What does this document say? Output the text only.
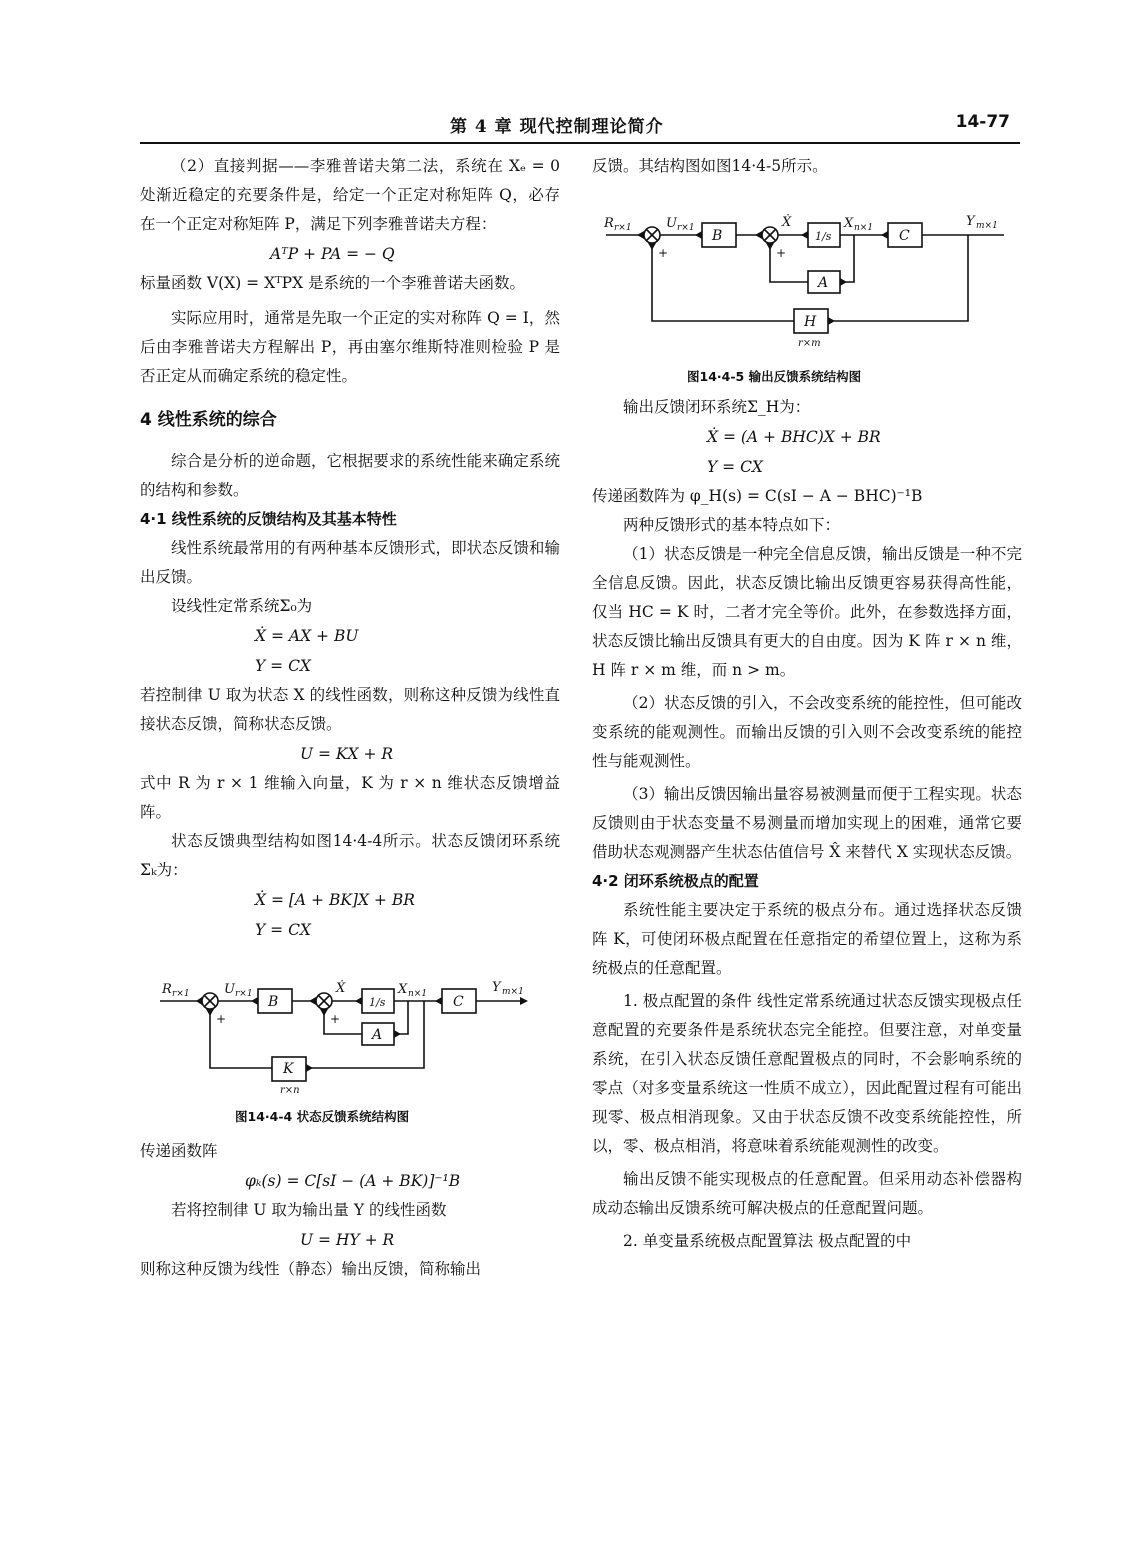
第 4 章 现代控制理论简介	14-77

（2）直接判据——李雅普诺夫第二法，系统在 Xₑ = 0 处渐近稳定的充要条件是，给定一个正定对称矩阵 Q，必存在一个正定对称矩阵 P，满足下列李雅普诺夫方程：

AᵀP + PA = − Q

标量函数 V(X) = XᵀPX 是系统的一个李雅普诺夫函数。

实际应用时，通常是先取一个正定的实对称阵 Q = I，然后由李雅普诺夫方程解出 P，再由塞尔维斯特准则检验 P 是否正定从而确定系统的稳定性。

4 线性系统的综合

综合是分析的逆命题，它根据要求的系统性能来确定系统的结构和参数。

4·1 线性系统的反馈结构及其基本特性

线性系统最常用的有两种基本反馈形式，即状态反馈和输出反馈。

设线性定常系统Σ₀为

Ẋ = AX + BU
Y = CX

若控制律 U 取为状态 X 的线性函数，则称这种反馈为线性直接状态反馈，简称状态反馈。

U = KX + R

式中 R 为 r × 1 维输入向量，K 为 r × n 维状态反馈增益阵。

状态反馈典型结构如图14·4-4所示。状态反馈闭环系统Σₖ为：

Ẋ = [A + BK]X + BR
Y = CX
R r×1	U r×1 B
Ẋ
1/s
X n×1 C
Y m×1
A
K
r×n
+	+
图14·4-4 状态反馈系统结构图

传递函数阵

φₖ(s) = C[sI − (A + BK)]⁻¹B

若将控制律 U 取为输出量 Y 的线性函数

U = HY + R

则称这种反馈为线性（静态）输出反馈，简称输出

反馈。其结构图如图14·4-5所示。

R r×1	U r×1 B
Ẋ
1/s
X n×1 C
Y m×1
A
H
r×m
+	+
图14·4-5 输出反馈系统结构图

输出反馈闭环系统Σ_H为：

Ẋ = (A + BHC)X + BR
Y = CX

传递函数阵为 φ_H(s) = C(sI − A − BHC)⁻¹B

两种反馈形式的基本特点如下：

（1）状态反馈是一种完全信息反馈，输出反馈是一种不完全信息反馈。因此，状态反馈比输出反馈更容易获得高性能，仅当 HC = K 时，二者才完全等价。此外，在参数选择方面，状态反馈比输出反馈具有更大的自由度。因为 K 阵 r × n 维，H 阵 r × m 维，而 n > m。

（2）状态反馈的引入，不会改变系统的能控性，但可能改变系统的能观测性。而输出反馈的引入则不会改变系统的能控性与能观测性。

（3）输出反馈因输出量容易被测量而便于工程实现。状态反馈则由于状态变量不易测量而增加实现上的困难，通常它要借助状态观测器产生状态估值信号 X̂ 来替代 X 实现状态反馈。

4·2 闭环系统极点的配置

系统性能主要决定于系统的极点分布。通过选择状态反馈阵 K，可使闭环极点配置在任意指定的希望位置上，这称为系统极点的任意配置。

1. 极点配置的条件 线性定常系统通过状态反馈实现极点任意配置的充要条件是系统状态完全能控。但要注意，对单变量系统，在引入状态反馈任意配置极点的同时，不会影响系统的零点（对多变量系统这一性质不成立），因此配置过程有可能出现零、极点相消现象。又由于状态反馈不改变系统能控性，所以，零、极点相消，将意味着系统能观测性的改变。

输出反馈不能实现极点的任意配置。但采用动态补偿器构成动态输出反馈系统可解决极点的任意配置问题。

2. 单变量系统极点配置算法 极点配置的中
